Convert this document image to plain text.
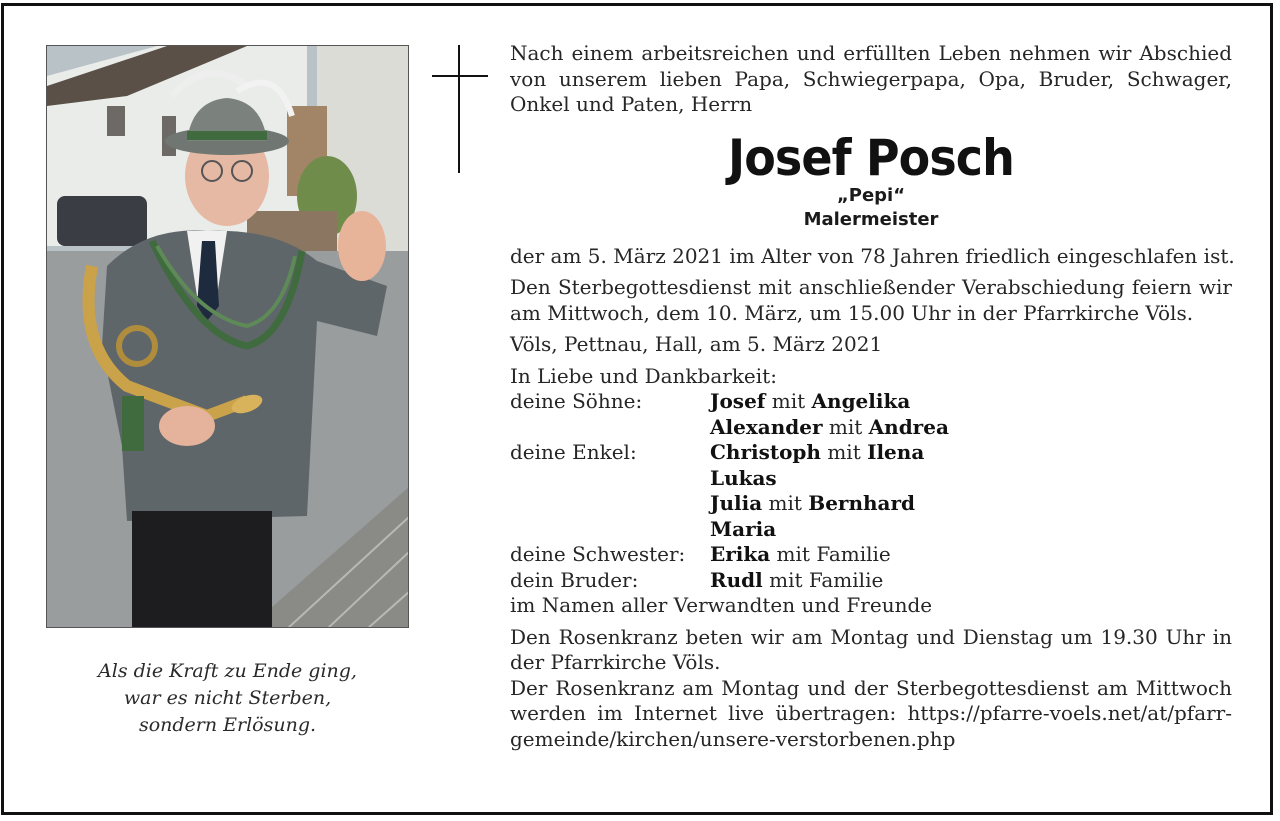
Als die Kraft zu Ende ging,
war es nicht Sterben,
sondern Erlösung.
Nach einem arbeitsreichen und erfüllten Leben nehmen wir Abschied
von unserem lieben Papa, Schwiegerpapa, Opa, Bruder, Schwager,
Onkel und Paten, Herrn
Josef Posch
„Pepi“
Malermeister
der am 5. März 2021 im Alter von 78 Jahren friedlich eingeschlafen ist.
Den Sterbegottesdienst mit anschließender Verabschiedung feiern wir
am Mittwoch, dem 10. März, um 15.00 Uhr in der Pfarrkirche Völs.
Völs, Pettnau, Hall, am 5. März 2021
In Liebe und Dankbarkeit:
deine Söhne:	Josef mit Angelika
Alexander mit Andrea
deine Enkel:	Christoph mit Ilena
Lukas
Julia mit Bernhard
Maria
deine Schwester:	Erika mit Familie
dein Bruder:	Rudl mit Familie
im Namen aller Verwandten und Freunde
Den Rosenkranz beten wir am Montag und Dienstag um 19.30 Uhr in
der Pfarrkirche Völs.
Der Rosenkranz am Montag und der Sterbegottesdienst am Mittwoch
werden im Internet live übertragen: https://pfarre-voels.net/at/pfarr-
gemeinde/kirchen/unsere-verstorbenen.php
